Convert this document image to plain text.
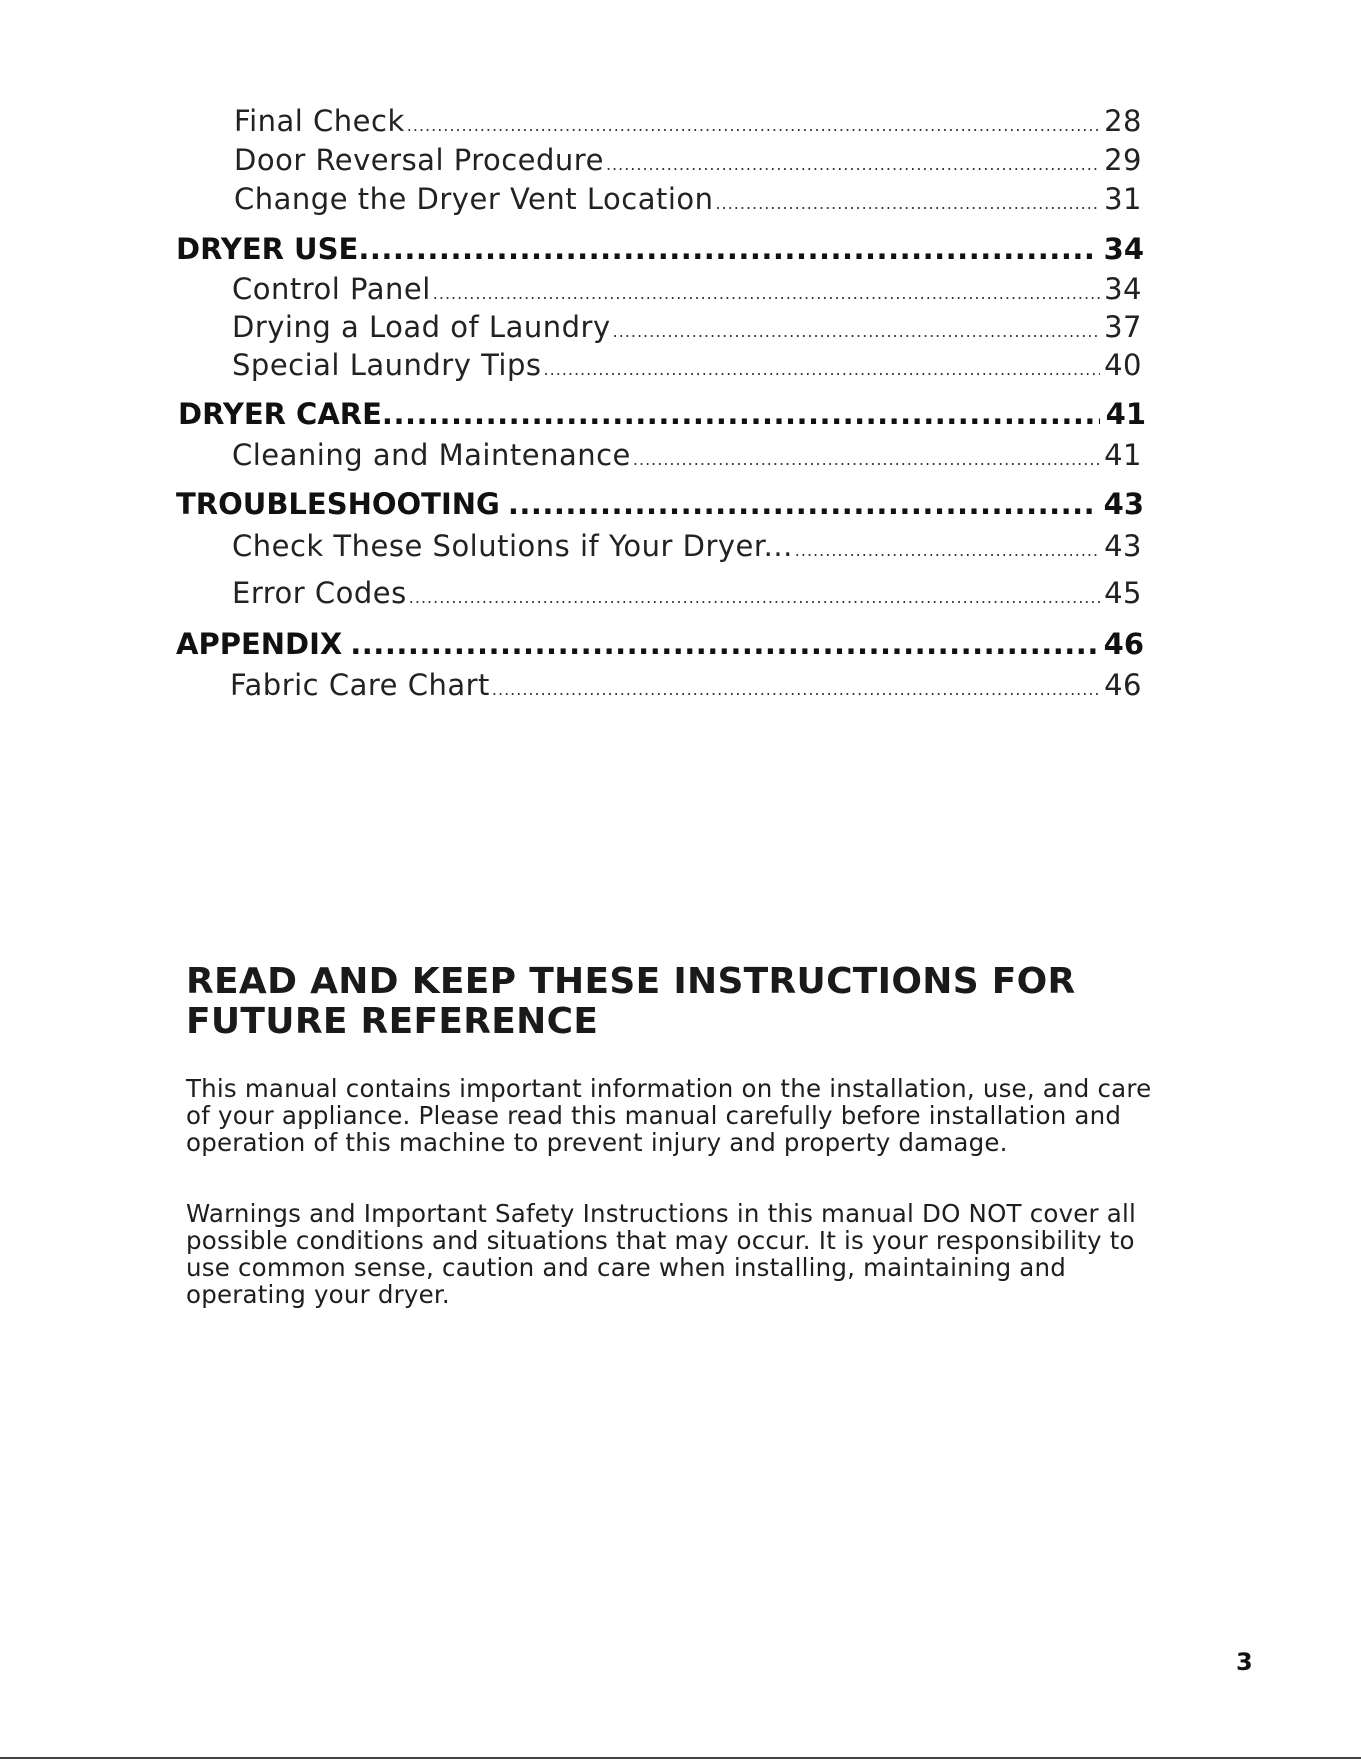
Final Check .....	28
Door Reversal Procedure .....	29
Change the Dryer Vent Location .....	31
DRYER USE .....	34
Control Panel .....	34
Drying a Load of Laundry .....	37
Special Laundry Tips .....	40
DRYER CARE .....	41
Cleaning and Maintenance .....	41
TROUBLESHOOTING .....	43
Check These Solutions if Your Dryer... .....	43
Error Codes .....	45
APPENDIX .....	46
Fabric Care Chart .....	46
READ AND KEEP THESE INSTRUCTIONS FOR FUTURE REFERENCE

This manual contains important information on the installation, use, and care of your appliance. Please read this manual carefully before installation and operation of this machine to prevent injury and property damage.

Warnings and Important Safety Instructions in this manual DO NOT cover all possible conditions and situations that may occur. It is your responsibility to use common sense, caution and care when installing, maintaining and operating your dryer.

3
